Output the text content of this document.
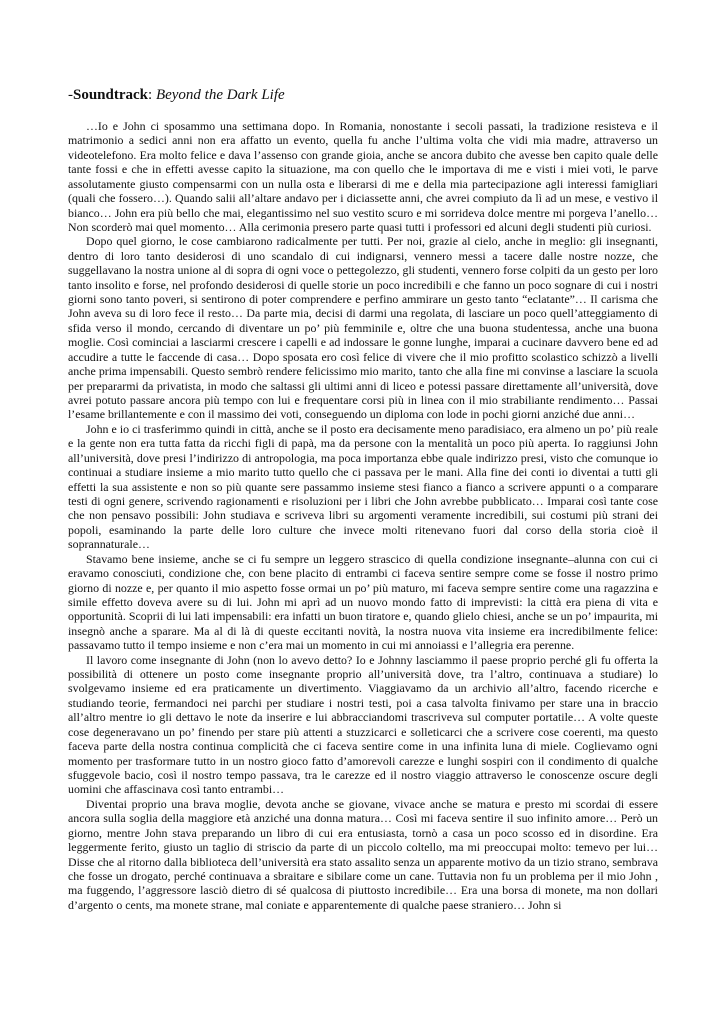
-Soundtrack: Beyond the Dark Life

…Io e John ci sposammo una settimana dopo. In Romania, nonostante i secoli passati, la tradizione resisteva e il matrimonio a sedici anni non era affatto un evento, quella fu anche l’ultima volta che vidi mia madre, attraverso un videotelefono. Era molto felice e dava l’assenso con grande gioia, anche se ancora dubito che avesse ben capito quale delle tante fossi e che in effetti avesse capito la situazione, ma con quello che le importava di me e visti i miei voti, le parve assolutamente giusto compensarmi con un nulla osta e liberarsi di me e della mia partecipazione agli interessi famigliari (quali che fossero…). Quando salii all’altare andavo per i diciassette anni, che avrei compiuto da lì ad un mese, e vestivo il bianco… John era più bello che mai, elegantissimo nel suo vestito scuro e mi sorrideva dolce mentre mi porgeva l’anello… Non scorderò mai quel momento… Alla cerimonia presero parte quasi tutti i professori ed alcuni degli studenti più curiosi.

Dopo quel giorno, le cose cambiarono radicalmente per tutti. Per noi, grazie al cielo, anche in meglio: gli insegnanti, dentro di loro tanto desiderosi di uno scandalo di cui indignarsi, vennero messi a tacere dalle nostre nozze, che suggellavano la nostra unione al di sopra di ogni voce o pettegolezzo, gli studenti, vennero forse colpiti da un gesto per loro tanto insolito e forse, nel profondo desiderosi di quelle storie un poco incredibili e che fanno un poco sognare di cui i nostri giorni sono tanto poveri, si sentirono di poter comprendere e perfino ammirare un gesto tanto “eclatante”… Il carisma che John aveva su di loro fece il resto… Da parte mia, decisi di darmi una regolata, di lasciare un poco quell’atteggiamento di sfida verso il mondo, cercando di diventare un po’ più femminile e, oltre che una buona studentessa, anche una buona moglie. Così cominciai a lasciarmi crescere i capelli e ad indossare le gonne lunghe, imparai a cucinare davvero bene ed ad accudire a tutte le faccende di casa… Dopo sposata ero così felice di vivere che il mio profitto scolastico schizzò a livelli anche prima impensabili. Questo sembrò rendere felicissimo mio marito, tanto che alla fine mi convinse a lasciare la scuola per prepararmi da privatista, in modo che saltassi gli ultimi anni di liceo e potessi passare direttamente all’università, dove avrei potuto passare ancora più tempo con lui e frequentare corsi più in linea con il mio strabiliante rendimento… Passai l’esame brillantemente e con il massimo dei voti, conseguendo un diploma con lode in pochi giorni anziché due anni…

John e io ci trasferimmo quindi in città, anche se il posto era decisamente meno paradisiaco, era almeno un po’ più reale e la gente non era tutta fatta da ricchi figli di papà, ma da persone con la mentalità un poco più aperta. Io raggiunsi John all’università, dove presi l’indirizzo di antropologia, ma poca importanza ebbe quale indirizzo presi, visto che comunque io continuai a studiare insieme a mio marito tutto quello che ci passava per le mani. Alla fine dei conti io diventai a tutti gli effetti la sua assistente e non so più quante sere passammo insieme stesi fianco a fianco a scrivere appunti o a comparare testi di ogni genere, scrivendo ragionamenti e risoluzioni per i libri che John avrebbe pubblicato… Imparai così tante cose che non pensavo possibili: John studiava e scriveva libri su argomenti veramente incredibili, sui costumi più strani dei popoli, esaminando la parte delle loro culture che invece molti ritenevano fuori dal corso della storia cioè il soprannaturale…

Stavamo bene insieme, anche se ci fu sempre un leggero strascico di quella condizione insegnante–alunna con cui ci eravamo conosciuti, condizione che, con bene placito di entrambi ci faceva sentire sempre come se fosse il nostro primo giorno di nozze e, per quanto il mio aspetto fosse ormai un po’ più maturo, mi faceva sempre sentire come una ragazzina e simile effetto doveva avere su di lui. John mi aprì ad un nuovo mondo fatto di imprevisti: la città era piena di vita e opportunità. Scoprii di lui lati impensabili: era infatti un buon tiratore e, quando glielo chiesi, anche se un po’ impaurita, mi insegnò anche a sparare. Ma al di là di queste eccitanti novità, la nostra nuova vita insieme era incredibilmente felice: passavamo tutto il tempo insieme e non c’era mai un momento in cui mi annoiassi e l’allegria era perenne.

Il lavoro come insegnante di John (non lo avevo detto? Io e Johnny lasciammo il paese proprio perché gli fu offerta la possibilità di ottenere un posto come insegnante proprio all’università dove, tra l’altro, continuava a studiare) lo svolgevamo insieme ed era praticamente un divertimento. Viaggiavamo da un archivio all’altro, facendo ricerche e studiando teorie, fermandoci nei parchi per studiare i nostri testi, poi a casa talvolta finivamo per stare una in braccio all’altro mentre io gli dettavo le note da inserire e lui abbracciandomi trascriveva sul computer portatile… A volte queste cose degeneravano un po’ finendo per stare più attenti a stuzzicarci e solleticarci che a scrivere cose coerenti, ma questo faceva parte della nostra continua complicità che ci faceva sentire come in una infinita luna di miele. Coglievamo ogni momento per trasformare tutto in un nostro gioco fatto d’amorevoli carezze e lunghi sospiri con il condimento di qualche sfuggevole bacio, così il nostro tempo passava, tra le carezze ed il nostro viaggio attraverso le conoscenze oscure degli uomini che affascinava così tanto entrambi…

Diventai proprio una brava moglie, devota anche se giovane, vivace anche se matura e presto mi scordai di essere ancora sulla soglia della maggiore età anziché una donna matura… Così mi faceva sentire il suo infinito amore… Però un giorno, mentre John stava preparando un libro di cui era entusiasta, tornò a casa un poco scosso ed in disordine. Era leggermente ferito, giusto un taglio di striscio da parte di un piccolo coltello, ma mi preoccupai molto: temevo per lui… Disse che al ritorno dalla biblioteca dell’università era stato assalito senza un apparente motivo da un tizio strano, sembrava che fosse un drogato, perché continuava a sbraitare e sibilare come un cane. Tuttavia non fu un problema per il mio John , ma fuggendo, l’aggressore lasciò dietro di sé qualcosa di piuttosto incredibile… Era una borsa di monete, ma non dollari d’argento o cents, ma monete strane, mal coniate e apparentemente di qualche paese straniero… John si
